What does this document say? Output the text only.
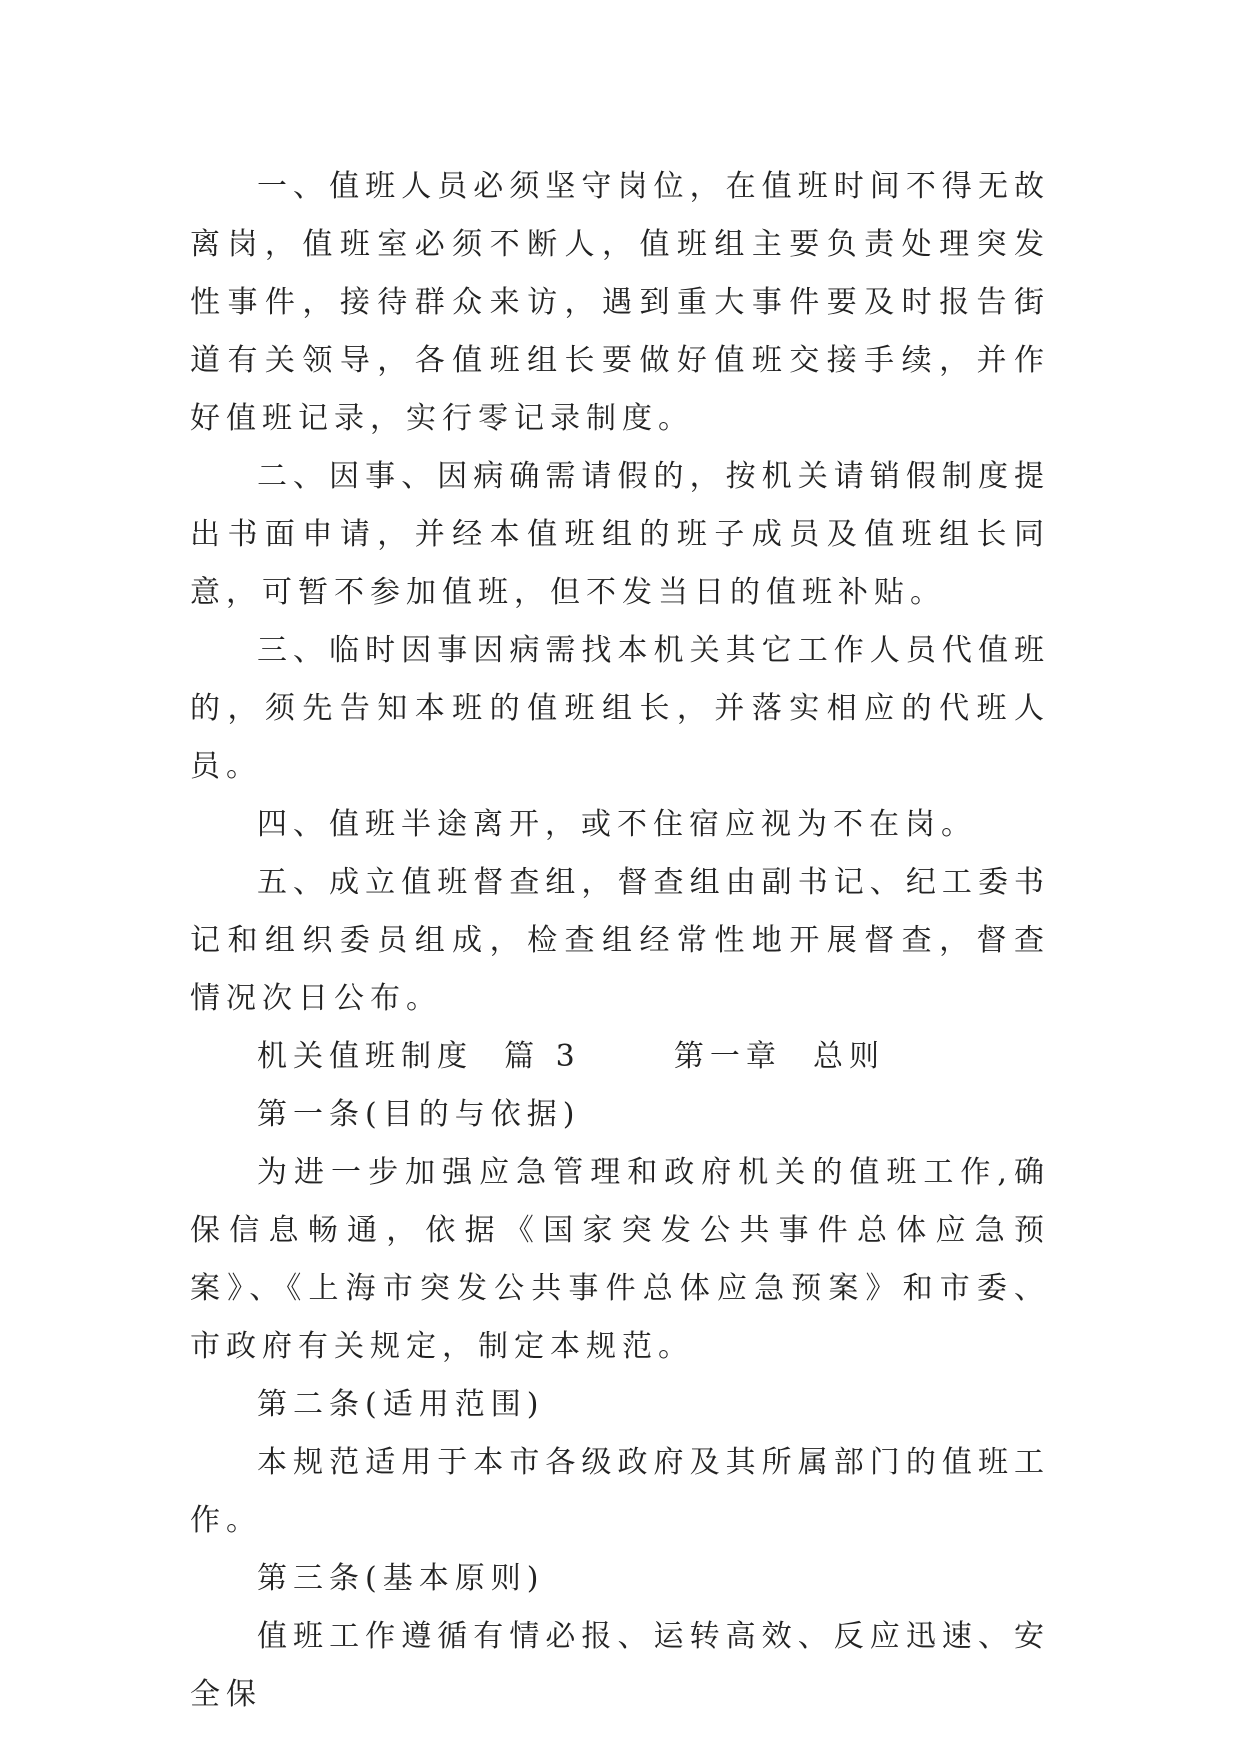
一、值班人员必须坚守岗位，在值班时间不得无故离岗，值班室必须不断人，值班组主要负责处理突发性事件，接待群众来访，遇到重大事件要及时报告街道有关领导，各值班组长要做好值班交接手续，并作好值班记录，实行零记录制度。

二、因事、因病确需请假的，按机关请销假制度提出书面申请，并经本值班组的班子成员及值班组长同意，可暂不参加值班，但不发当日的值班补贴。

三、临时因事因病需找本机关其它工作人员代值班的，须先告知本班的值班组长，并落实相应的代班人员。

四、值班半途离开，或不住宿应视为不在岗。

五、成立值班督查组，督查组由副书记、纪工委书记和组织委员组成，检查组经常性地开展督查，督查情况次日公布。

机关值班制度  篇 3      第一章  总则

第一条(目的与依据)

为进一步加强应急管理和政府机关的值班工作,确保信息畅通，依据《国家突发公共事件总体应急预案》、《上海市突发公共事件总体应急预案》和市委、市政府有关规定，制定本规范。

第二条(适用范围)

本规范适用于本市各级政府及其所属部门的值班工作。

第三条(基本原则)

值班工作遵循有情必报、运转高效、反应迅速、安全保
